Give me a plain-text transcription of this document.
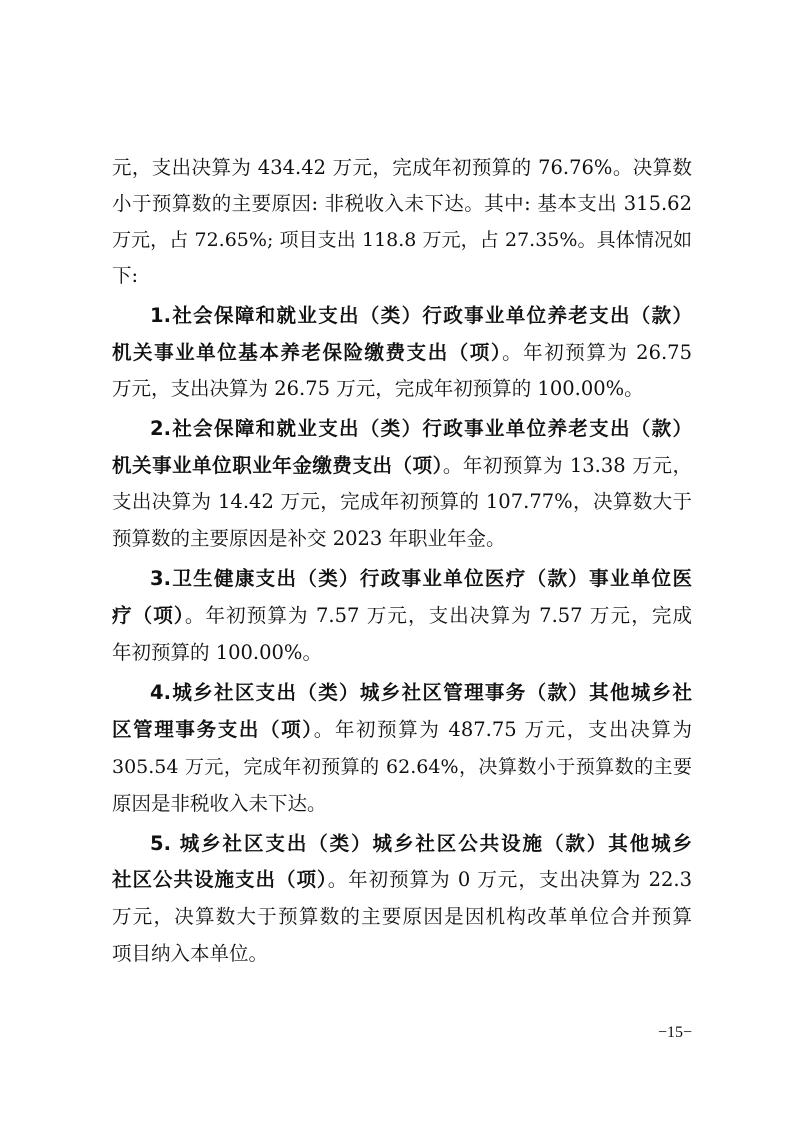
元，支出决算为 434.42 万元，完成年初预算的 76.76%。决算数
小于预算数的主要原因: 非税收入未下达。其中: 基本支出 315.62
万元，占 72.65%; 项目支出 118.8 万元，占 27.35%。具体情况如
下:
1.社会保障和就业支出（类）行政事业单位养老支出（款）
机关事业单位基本养老保险缴费支出（项）。年初预算为 26.75
万元，支出决算为 26.75 万元，完成年初预算的 100.00%。
2.社会保障和就业支出（类）行政事业单位养老支出（款）
机关事业单位职业年金缴费支出（项）。年初预算为 13.38 万元，
支出决算为 14.42 万元，完成年初预算的 107.77%，决算数大于
预算数的主要原因是补交 2023 年职业年金。
3.卫生健康支出（类）行政事业单位医疗（款）事业单位医
疗（项）。年初预算为 7.57 万元，支出决算为 7.57 万元，完成
年初预算的 100.00%。
4.城乡社区支出（类）城乡社区管理事务（款）其他城乡社
区管理事务支出（项）。年初预算为 487.75 万元，支出决算为
305.54 万元，完成年初预算的 62.64%，决算数小于预算数的主要
原因是非税收入未下达。
5. 城乡社区支出（类）城乡社区公共设施（款）其他城乡
社区公共设施支出（项）。年初预算为 0 万元，支出决算为 22.3
万元，决算数大于预算数的主要原因是因机构改革单位合并预算
项目纳入本单位。
−15−
